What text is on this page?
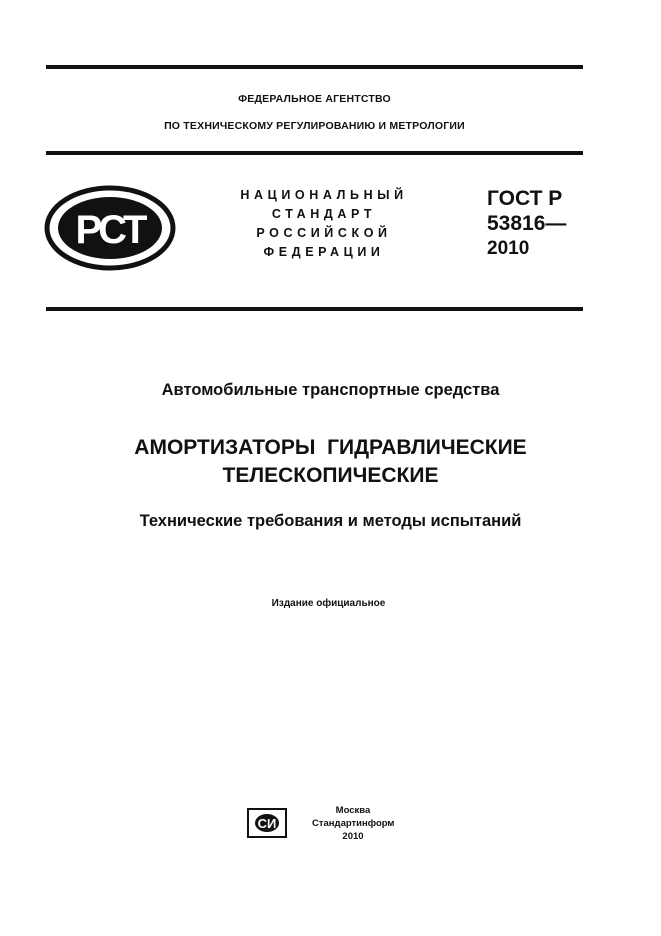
ФЕДЕРАЛЬНОЕ АГЕНТСТВО
ПО ТЕХНИЧЕСКОМУ РЕГУЛИРОВАНИЮ И МЕТРОЛОГИИ
РСТ
НАЦИОНАЛЬНЫЙ
СТАНДАРТ
РОССИЙСКОЙ
ФЕДЕРАЦИИ
ГОСТ Р
53816—
2010
Автомобильные транспортные средства
АМОРТИЗАТОРЫ  ГИДРАВЛИЧЕСКИЕ
ТЕЛЕСКОПИЧЕСКИЕ
Технические требования и методы испытаний
Издание официальное
СИ
Москва
Стандартинформ
2010
